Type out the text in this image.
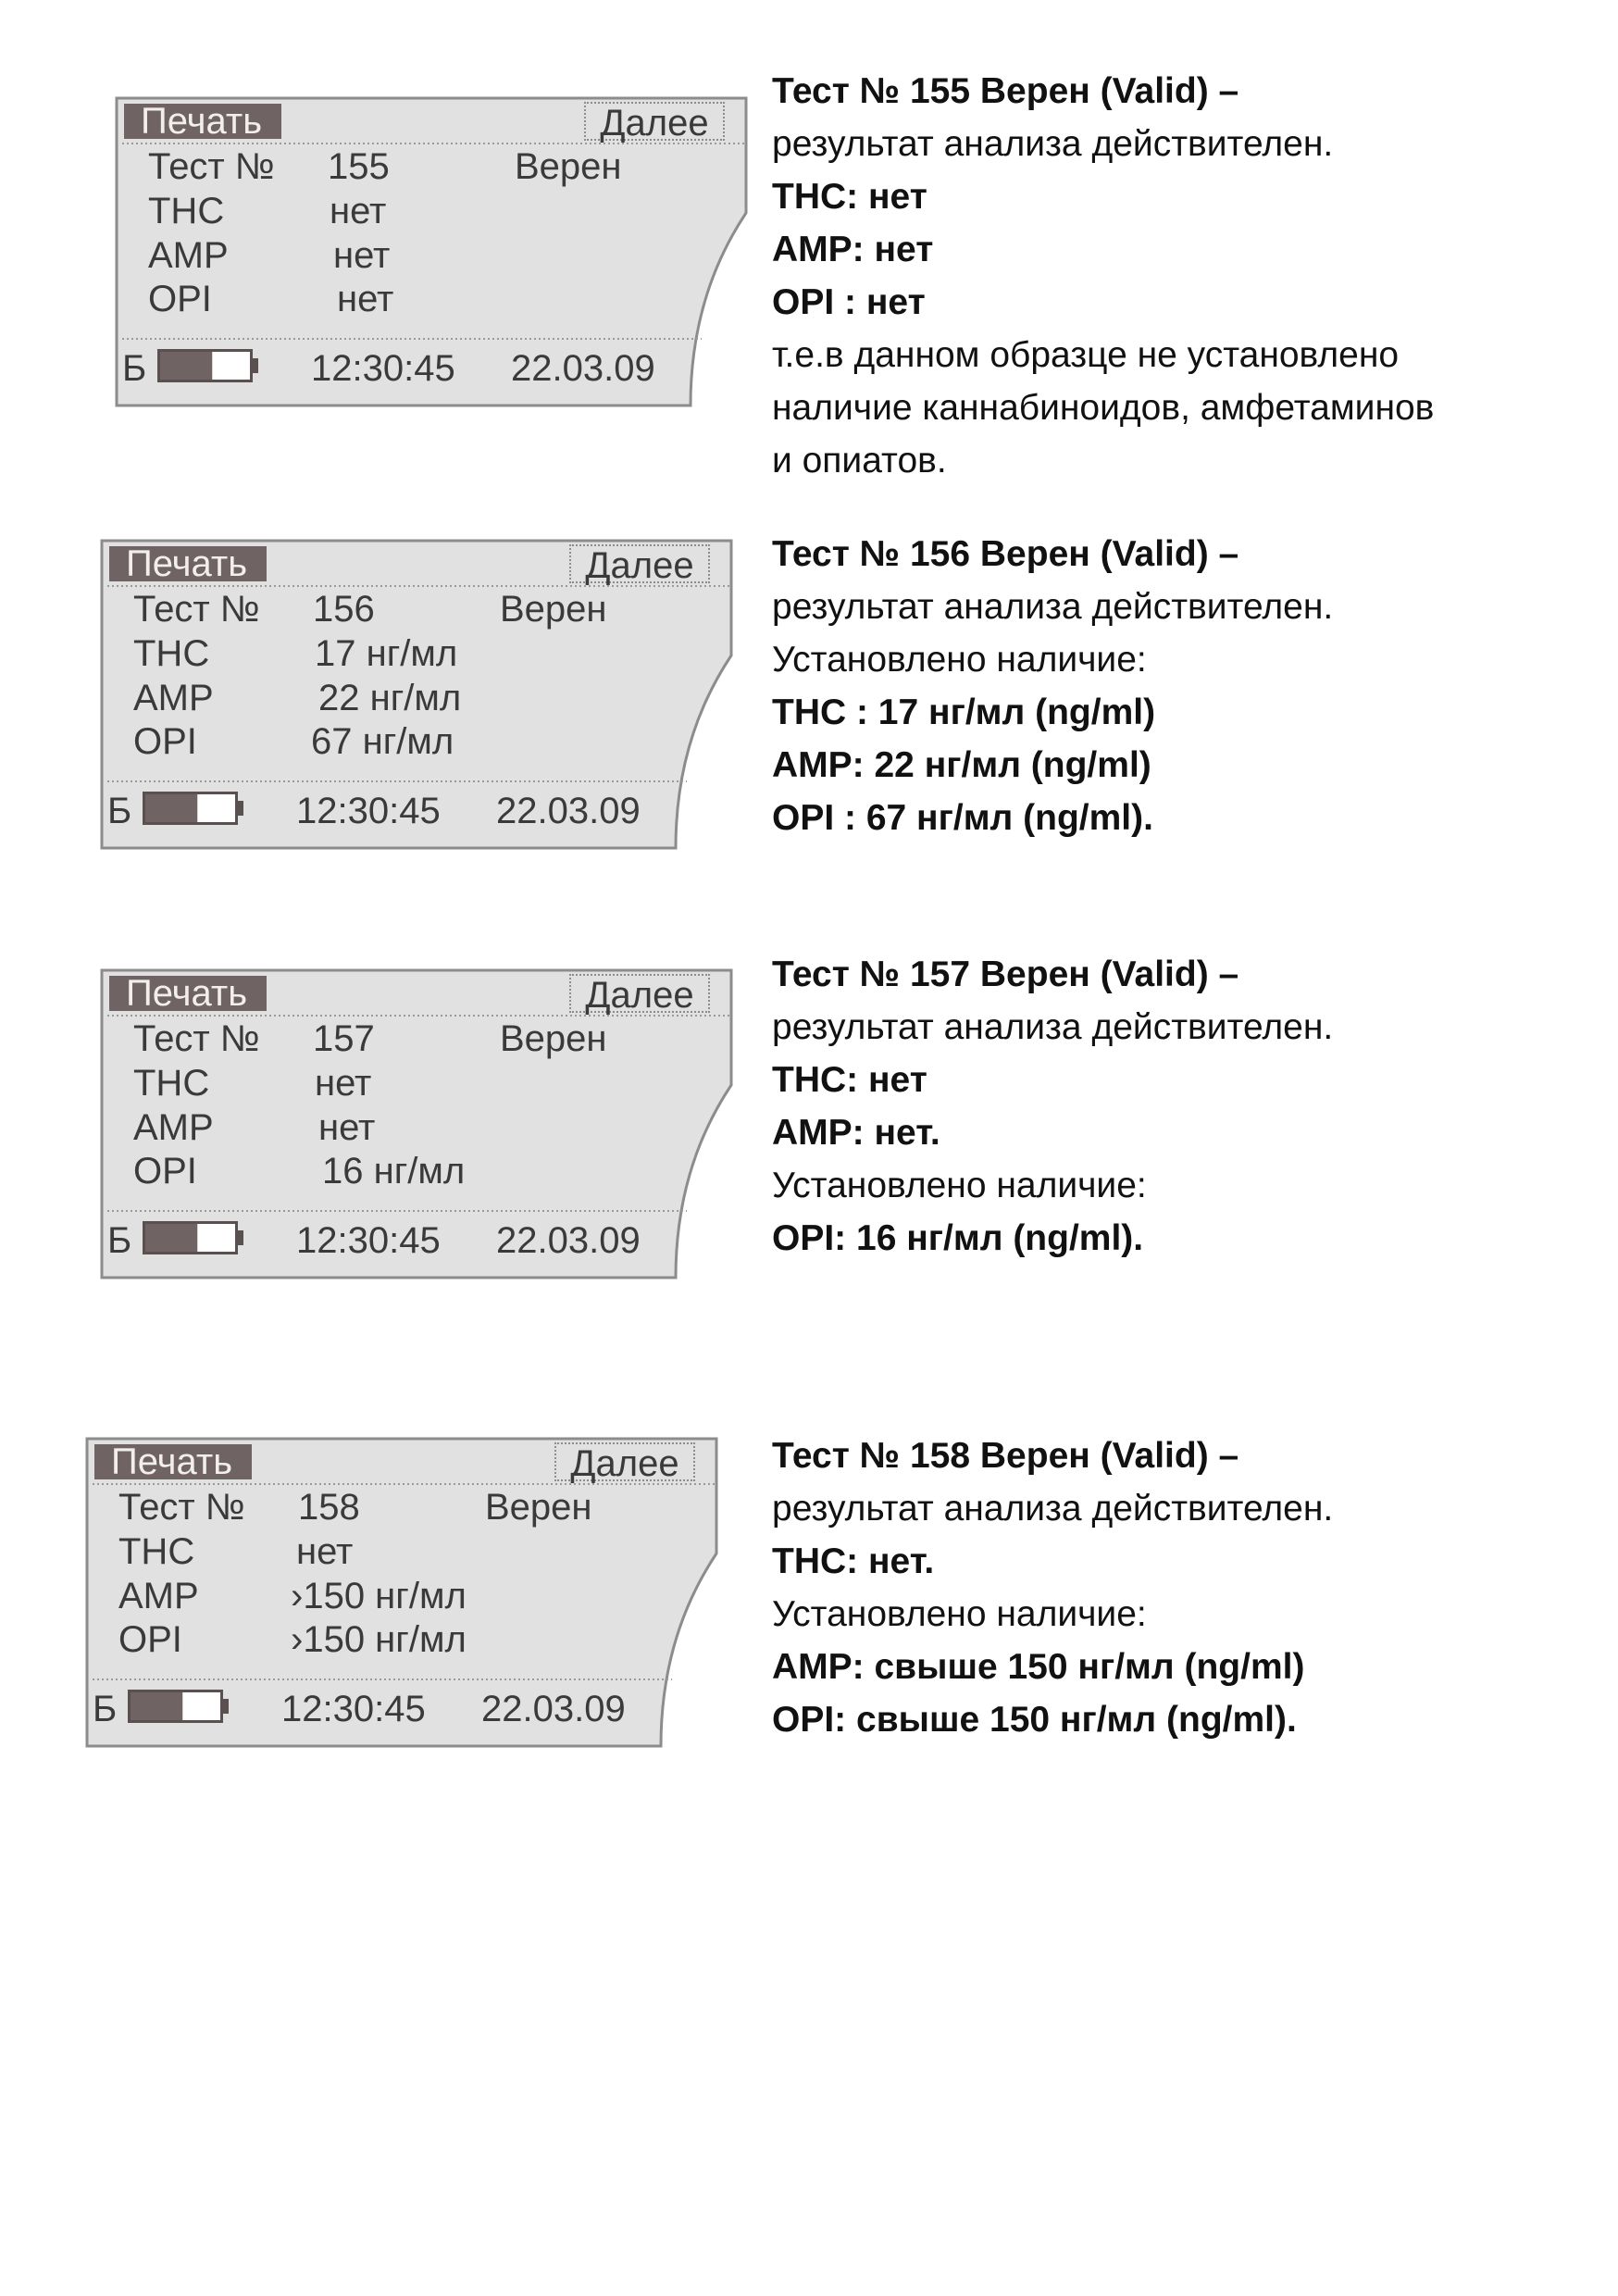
Печать	Далее
Тест № 155	Верен
THC	нет
AMP	нет
OPI	нет
Б	12:30:45 22.03.09
Печать	Далее
Тест № 156	Верен
THC	17 нг/мл
AMP	22 нг/мл
OPI	67 нг/мл
Б	12:30:45 22.03.09
Печать	Далее
Тест № 157	Верен
THC	нет
AMP	нет
OPI	16 нг/мл
Б	12:30:45 22.03.09
Печать	Далее
Тест № 158	Верен
THC	нет
AMP ›150 нг/мл
OPI	›150 нг/мл
Б	12:30:45 22.03.09
Тест № 155 Верен (Valid) –
результат анализа действителен.
THC: нет
AMP: нет
OPI : нет
т.е.в данном образце не установлено
наличие каннабиноидов, амфетаминов
и опиатов.
Тест № 156 Верен (Valid) –
результат анализа действителен.
Установлено наличие:
THC : 17 нг/мл (ng/ml)
AMP: 22 нг/мл (ng/ml)
OPI : 67 нг/мл (ng/ml).
Тест № 157 Верен (Valid) –
результат анализа действителен.
THC: нет
AMP: нет.
Установлено наличие:
OPI: 16 нг/мл (ng/ml).
Тест № 158 Верен (Valid) –
результат анализа действителен.
THC: нет.
Установлено наличие:
AMP: свыше 150 нг/мл (ng/ml)
OPI: свыше 150 нг/мл (ng/ml).
